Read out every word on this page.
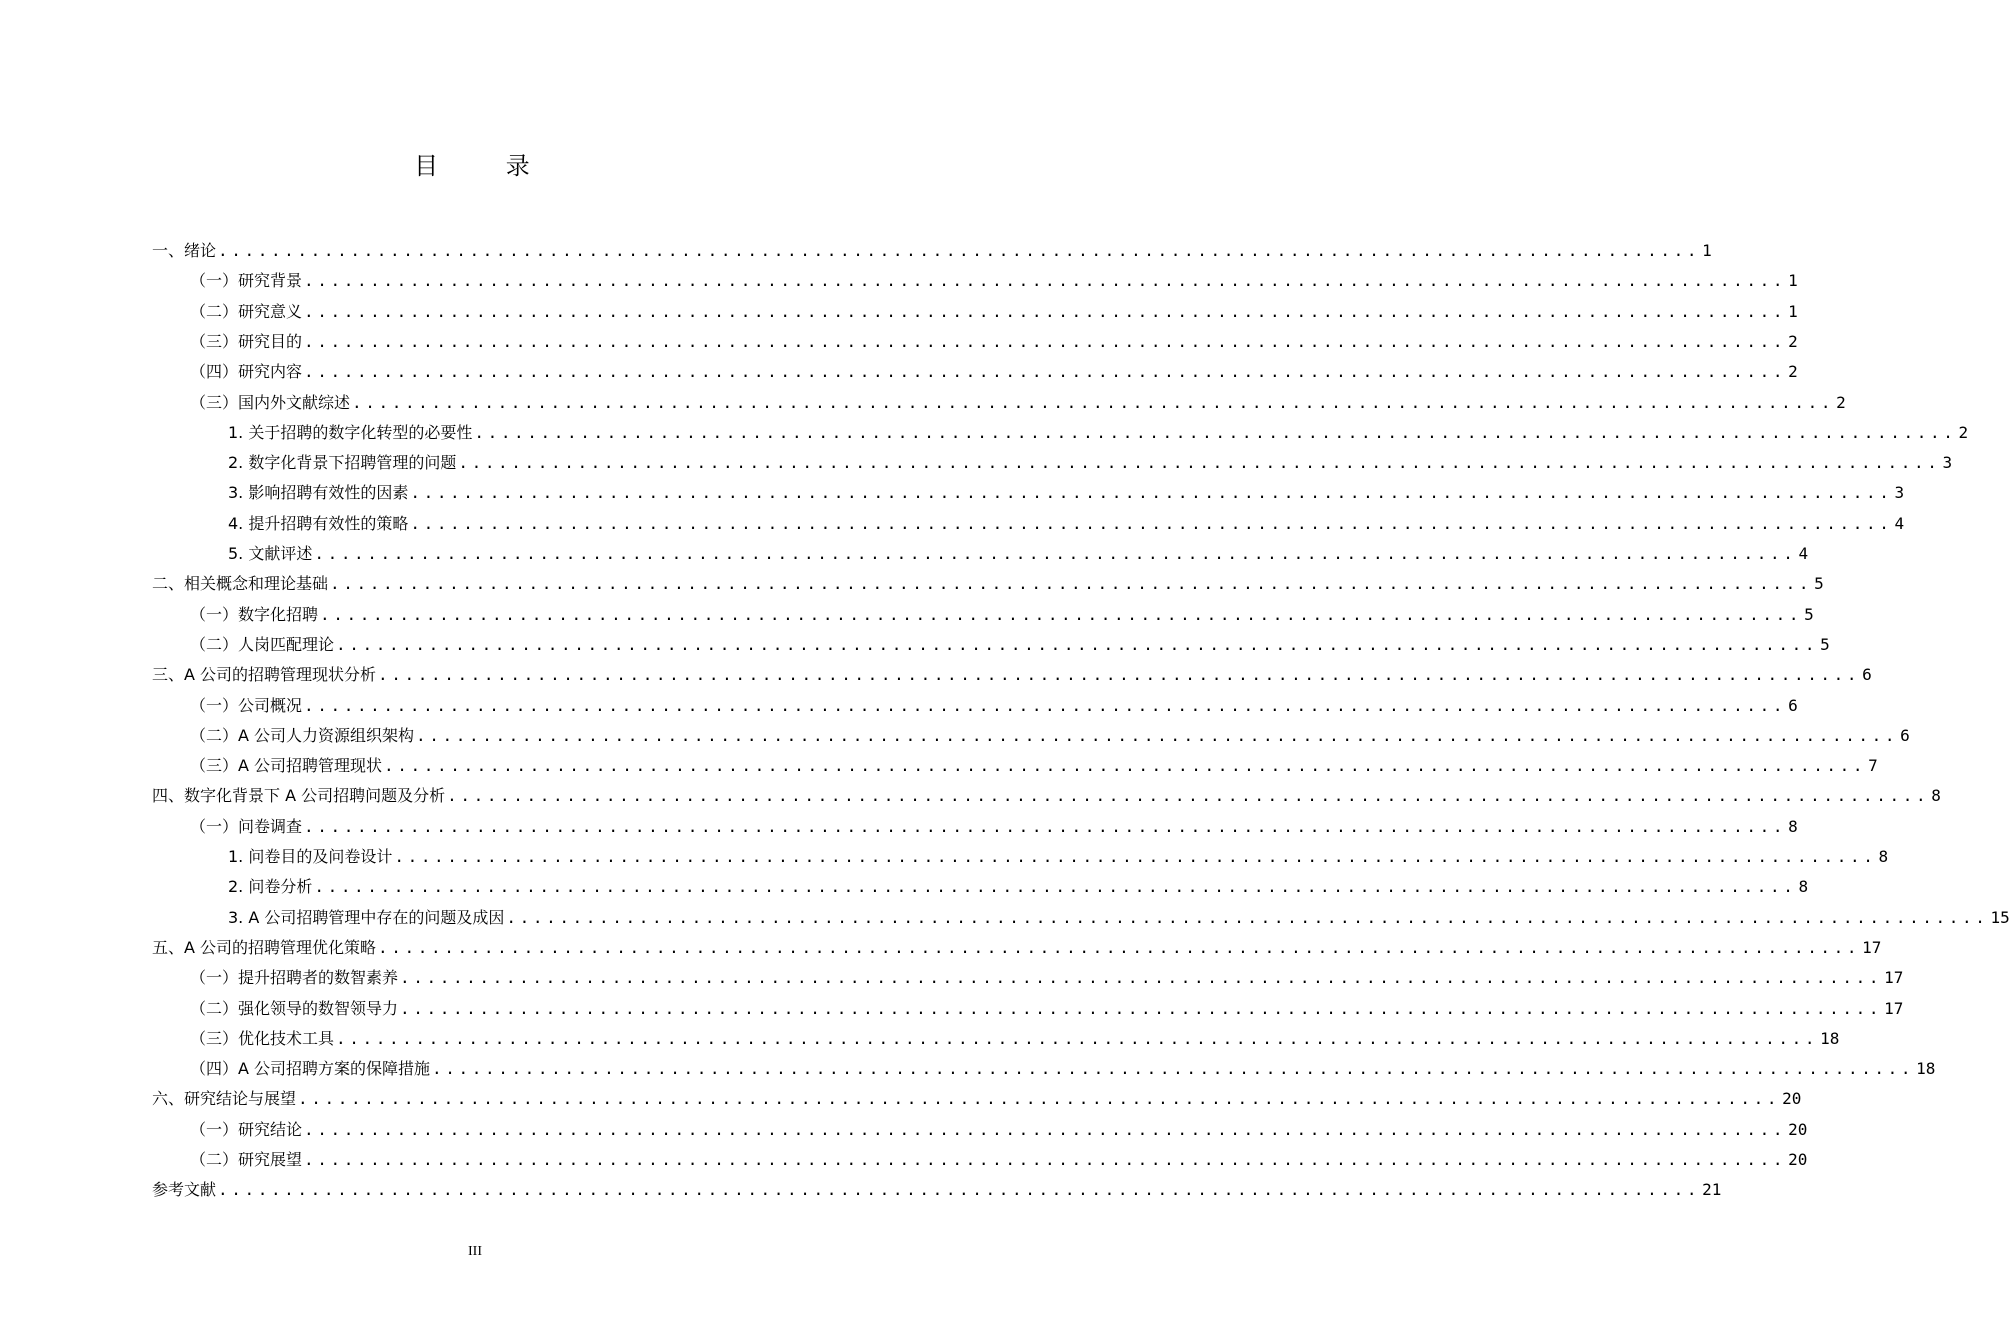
目 录
一、绪论 ................................................................................................................ 1
（一）研究背景 ................................................................................................................ 1
（二）研究意义 ................................................................................................................ 1
（三）研究目的 ................................................................................................................ 2
（四）研究内容 ................................................................................................................ 2
（三）国内外文献综述 ................................................................................................................ 2
1. 关于招聘的数字化转型的必要性 ................................................................................................................ 2
2. 数字化背景下招聘管理的问题 ................................................................................................................ 3
3. 影响招聘有效性的因素 ................................................................................................................ 3
4. 提升招聘有效性的策略 ................................................................................................................ 4
5. 文献评述 ................................................................................................................ 4
二、相关概念和理论基础 ................................................................................................................ 5
（一）数字化招聘 ................................................................................................................ 5
（二）人岗匹配理论 ................................................................................................................ 5
三、A 公司的招聘管理现状分析 ................................................................................................................ 6
（一）公司概况 ................................................................................................................ 6
（二）A 公司人力资源组织架构 ................................................................................................................ 6
（三）A 公司招聘管理现状 ................................................................................................................ 7
四、数字化背景下 A 公司招聘问题及分析 ................................................................................................................ 8
（一）问卷调查 ................................................................................................................ 8
1. 问卷目的及问卷设计 ................................................................................................................ 8
2. 问卷分析 ................................................................................................................ 8
3. A 公司招聘管理中存在的问题及成因 ................................................................................................................ 15
五、A 公司的招聘管理优化策略 ................................................................................................................ 17
（一）提升招聘者的数智素养 ................................................................................................................ 17
（二）强化领导的数智领导力 ................................................................................................................ 17
（三）优化技术工具 ................................................................................................................ 18
（四）A 公司招聘方案的保障措施 ................................................................................................................ 18
六、研究结论与展望 ................................................................................................................ 20
（一）研究结论 ................................................................................................................ 20
（二）研究展望 ................................................................................................................ 20
参考文献 ................................................................................................................ 21
III
